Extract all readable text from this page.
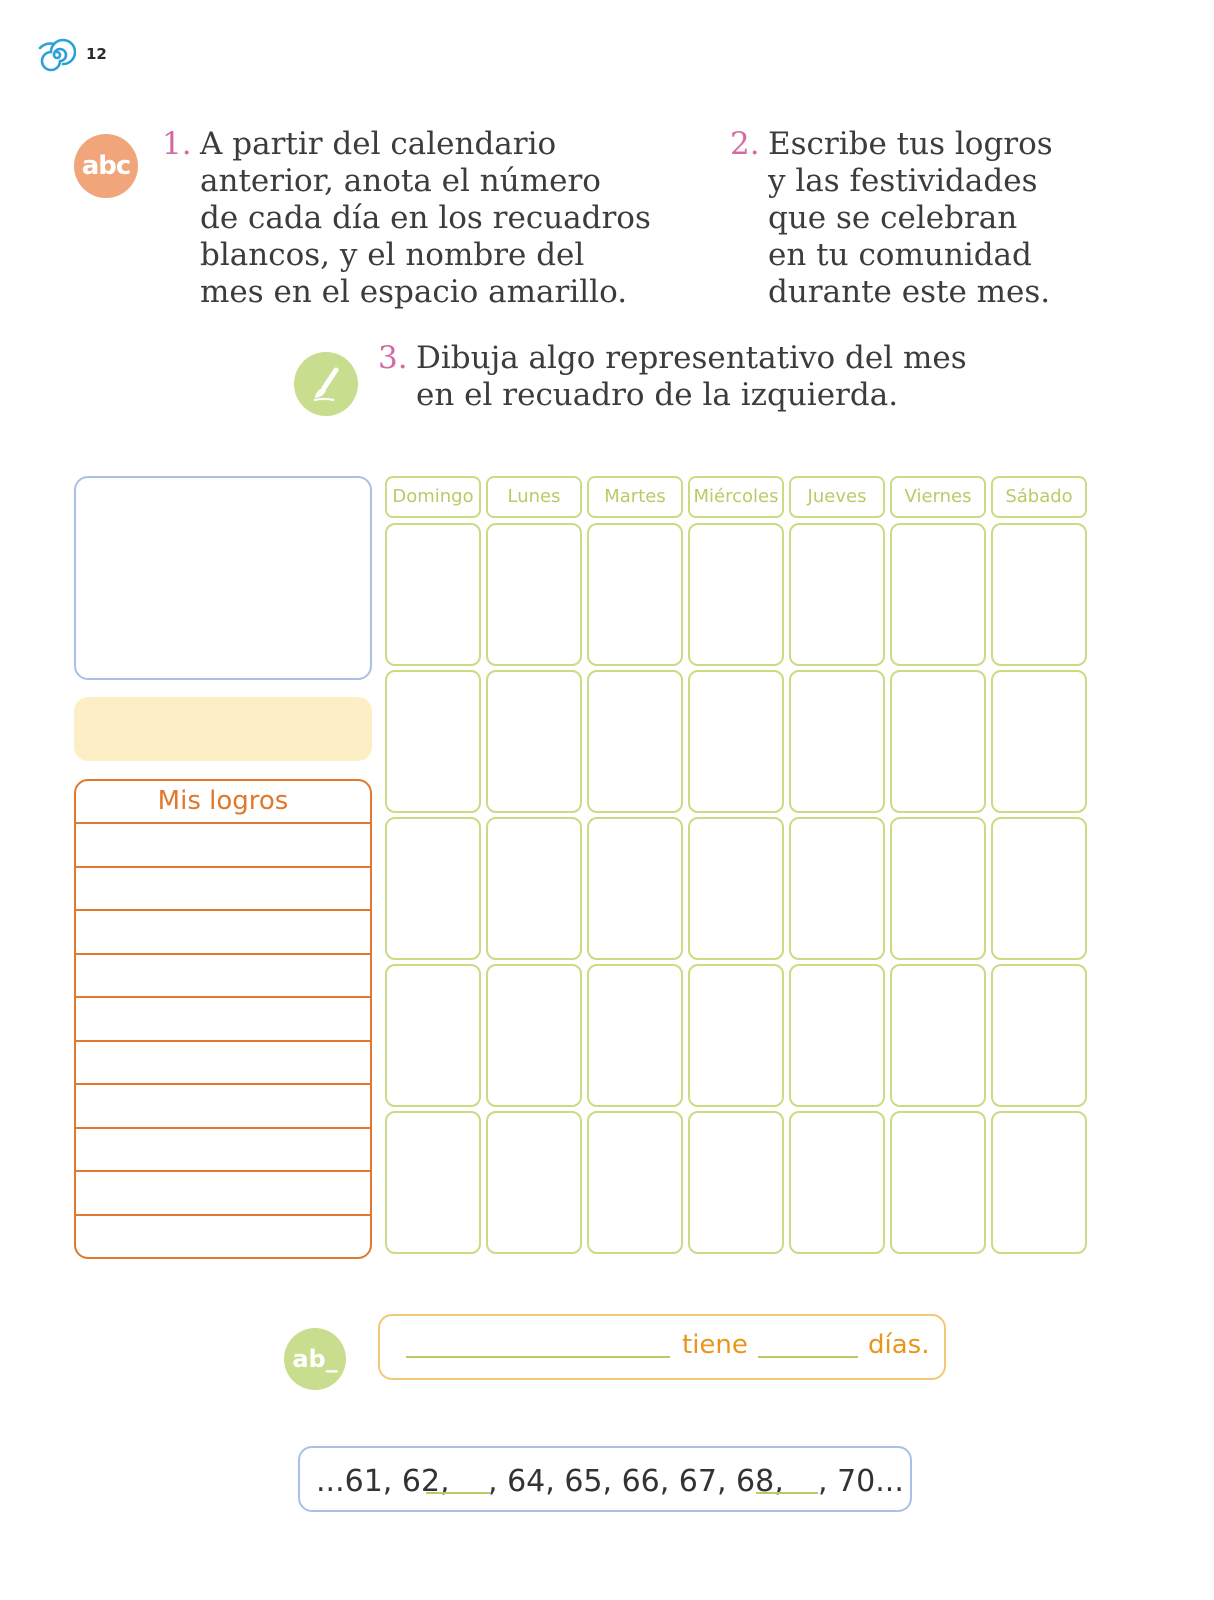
12
abc
1. A partir del calendario
anterior, anota el número
de cada día en los recuadros
blancos, y el nombre del
mes en el espacio amarillo.
2. Escribe tus logros
y las festividades
que se celebran
en tu comunidad
durante este mes.
3. Dibuja algo representativo del mes
en el recuadro de la izquierda.
Mis logros
Domingo	Lunes	Martes	Miércoles	Jueves	Viernes	Sábado
ab_	tiene	días.
...61, 62, , 64, 65, 66, 67, 68, , 70...
